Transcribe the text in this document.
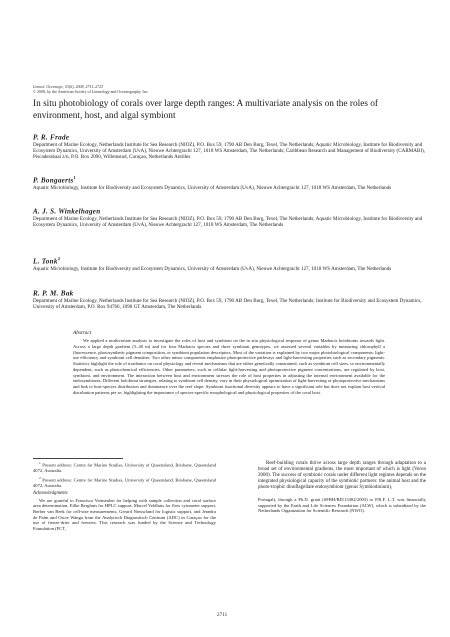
Limnol. Oceanogr., 53(6), 2008, 2711–2723
© 2008, by the American Society of Limnology and Oceanography, Inc.
In situ photobiology of corals over large depth ranges: A multivariate analysis on the roles of environment, host, and algal symbiont
P. R. Frade
Department of Marine Ecology, Netherlands Institute for Sea Research (NIOZ), P.O. Box 59, 1790 AB Den Burg, Texel, The Netherlands; Aquatic Microbiology, Institute for Biodiversity and Ecosystem Dynamics, University of Amsterdam (UvA), Nieuwe Achtergracht 127, 1018 WS Amsterdam, The Netherlands; Caribbean Research and Management of Biodiversity (CARMABI), Piscaderabaai z/n, P.O. Box 2090, Willemstad, Curaçao, Netherlands Antilles
P. Bongaerts$^1$
Aquatic Microbiology, Institute for Biodiversity and Ecosystem Dynamics, University of Amsterdam (UvA), Nieuwe Achtergracht 127, 1018 WS Amsterdam, The Netherlands
A. J. S. Winkelhagen
Department of Marine Ecology, Netherlands Institute for Sea Research (NIOZ), P.O. Box 59, 1790 AB Den Burg, Texel, The Netherlands; Aquatic Microbiology, Institute for Biodiversity and Ecosystem Dynamics, University of Amsterdam (UvA), Nieuwe Achtergracht 127, 1018 WS Amsterdam, The Netherlands
L. Tonk$^2$
Aquatic Microbiology, Institute for Biodiversity and Ecosystem Dynamics, University of Amsterdam (UvA), Nieuwe Achtergracht 127, 1018 WS Amsterdam, The Netherlands
R. P. M. Bak
Department of Marine Ecology, Netherlands Institute for Sea Research (NIOZ), P.O. Box 59, 1790 AB Den Burg, Texel, The Netherlands; Institute for Biodiversity and Ecosystem Dynamics, University of Amsterdam, P.O. Box 94766, 1090 GT Amsterdam, The Netherlands
Abstract

We applied a multivariate analysis to investigate the roles of host and symbiont on the in situ physiological response of genus Madracis holobionts towards light. Across a large depth gradient (5–40 m) and for four Madracis species and three symbiont genotypes, we assessed several variables by measuring chlorophyll a fluorescence, photosynthetic pigment composition, or symbiont population descriptors. Most of the variation is explained by two major photobiological components: light-use efficiency and symbiont cell densities. Two other minor components emphasize photoprotective pathways and light-harvesting properties such as secondary pigments. Statistics highlight the role of irradiance on coral physiology and reveal mechanisms that are either genetically constrained, such as symbiont cell sizes, or environmentally dependent, such as photochemical efficiencies. Other parameters, such as cellular light-harvesting and photoprotective pigment concentrations, are regulated by host, symbiont, and environment. The interaction between host and environment stresses the role of host properties in adjusting the internal environment available for the endosymbionts. Different holobiont strategies, relating to symbiont cell density, vary in their physiological optimization of light-harvesting or photoprotective mechanisms and link to host-species distribution and dominance over the reef slope. Symbiont functional diversity appears to have a significant role but does not explain host vertical distribution patterns per se, highlighting the importance of species-specific morphological and physiological properties of the coral host.

$^1$ Present address: Centre for Marine Studies, University of Queensland, Brisbane, Queensland 4072, Australia.

$^2$ Present address: Centre for Marine Studies, University of Queensland, Brisbane, Queensland 4072, Australia.

Acknowledgments

We are grateful to Francisca Vermeulen for helping with sample collection and coral surface area determination, Eilke Berghuis for HPLC support, Marcel Veldhuis for flow cytometer support, Berber van Beek for cell-size measurements, Gerard Nieuwland for logistic support, and Jeandra de Palm and Oscie Wanga from the Analytisch Diagnostisch Centrum (ADC) in Curaçao for the use of freeze-drier and freezers. This research was funded by the Science and Technology Foundation (FCT,

Reef-building corals thrive across large depth ranges through adaptation to a broad set of environmental gradients, the most important of which is light (Veron 2000). The success of symbiotic corals under different light regimes depends on the integrated physiological capacity of the symbiotic partners: the animal host and the photo-trophic dinoflagellate endosymbiont (genus Symbiodinium),

Portugal), through a Ph.D. grant (SFRH/BD/13382/2003) to P.R.F. L.T. was financially supported by the Earth and Life Sciences Foundation (ALW), which is subsidized by the Netherlands Organization for Scientific Research (NWO).

2711
